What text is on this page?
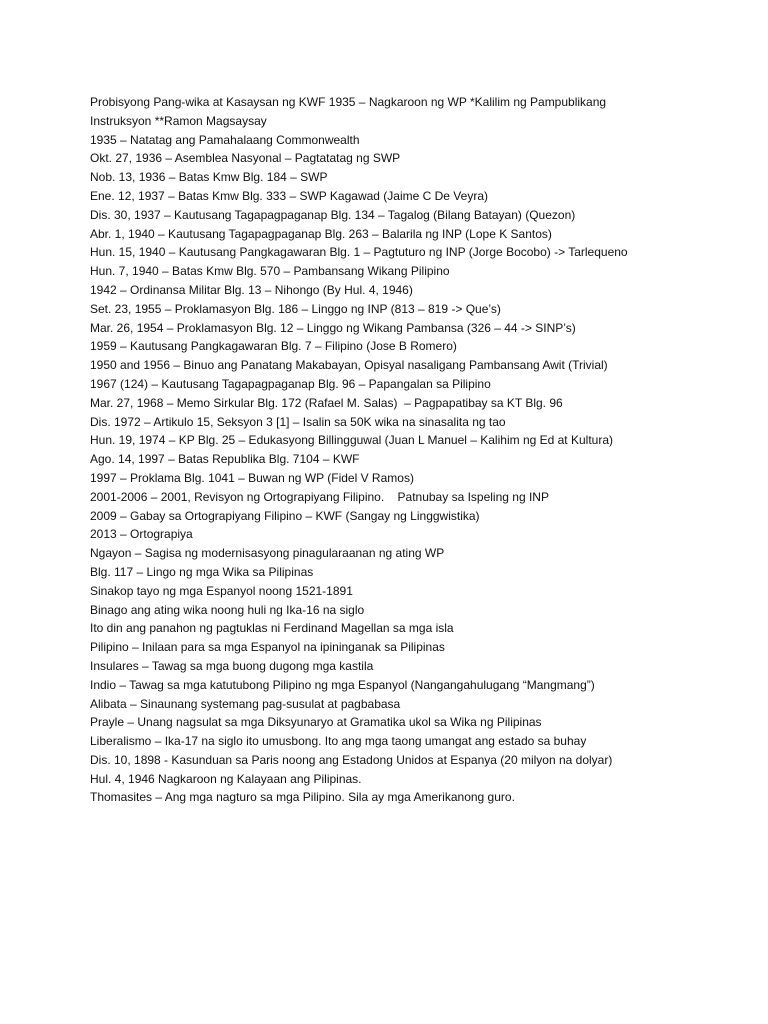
Probisyong Pang-wika at Kasaysan ng KWF 1935 – Nagkaroon ng WP *Kalilim ng Pampublikang

Instruksyon **Ramon Magsaysay

1935 – Natatag ang Pamahalaang Commonwealth

Okt. 27, 1936 – Asemblea Nasyonal – Pagtatatag ng SWP

Nob. 13, 1936 – Batas Kmw Blg. 184 – SWP

Ene. 12, 1937 – Batas Kmw Blg. 333 – SWP Kagawad (Jaime C De Veyra)

Dis. 30, 1937 – Kautusang Tagapagpaganap Blg. 134 – Tagalog (Bilang Batayan) (Quezon)

Abr. 1, 1940 – Kautusang Tagapagpaganap Blg. 263 – Balarila ng INP (Lope K Santos)

Hun. 15, 1940 – Kautusang Pangkagawaran Blg. 1 – Pagtuturo ng INP (Jorge Bocobo) -> Tarlequeno

Hun. 7, 1940 – Batas Kmw Blg. 570 – Pambansang Wikang Pilipino

1942 – Ordinansa Militar Blg. 13 – Nihongo (By Hul. 4, 1946)

Set. 23, 1955 – Proklamasyon Blg. 186 – Linggo ng INP (813 – 819 -> Que’s)

Mar. 26, 1954 – Proklamasyon Blg. 12 – Linggo ng Wikang Pambansa (326 – 44 -> SINP’s)

1959 – Kautusang Pangkagawaran Blg. 7 – Filipino (Jose B Romero)

1950 and 1956 – Binuo ang Panatang Makabayan, Opisyal nasaligang Pambansang Awit (Trivial)

1967 (124) – Kautusang Tagapagpaganap Blg. 96 – Papangalan sa Pilipino

Mar. 27, 1968 – Memo Sirkular Blg. 172 (Rafael M. Salas)  – Pagpapatibay sa KT Blg. 96

Dis. 1972 – Artikulo 15, Seksyon 3 [1] – Isalin sa 50K wika na sinasalita ng tao

Hun. 19, 1974 – KP Blg. 25 – Edukasyong Billingguwal (Juan L Manuel – Kalihim ng Ed at Kultura)

Ago. 14, 1997 – Batas Republika Blg. 7104 – KWF

1997 – Proklama Blg. 1041 – Buwan ng WP (Fidel V Ramos)

2001-2006 – 2001, Revisyon ng Ortograpiyang Filipino.    Patnubay sa Ispeling ng INP

2009 – Gabay sa Ortograpiyang Filipino – KWF (Sangay ng Linggwistika)

2013 – Ortograpiya

Ngayon – Sagisa ng modernisasyong pinagularaanan ng ating WP

Blg. 117 – Lingo ng mga Wika sa Pilipinas

Sinakop tayo ng mga Espanyol noong 1521-1891

Binago ang ating wika noong huli ng Ika-16 na siglo

Ito din ang panahon ng pagtuklas ni Ferdinand Magellan sa mga isla

Pilipino – Inilaan para sa mga Espanyol na ipininganak sa Pilipinas

Insulares – Tawag sa mga buong dugong mga kastila

Indio – Tawag sa mga katutubong Pilipino ng mga Espanyol (Nangangahulugang “Mangmang”)

Alibata – Sinaunang systemang pag-susulat at pagbabasa

Prayle – Unang nagsulat sa mga Diksyunaryo at Gramatika ukol sa Wika ng Pilipinas

Liberalismo – Ika-17 na siglo ito umusbong. Ito ang mga taong umangat ang estado sa buhay

Dis. 10, 1898 - Kasunduan sa Paris noong ang Estadong Unidos at Espanya (20 milyon na dolyar)

Hul. 4, 1946 Nagkaroon ng Kalayaan ang Pilipinas.

Thomasites – Ang mga nagturo sa mga Pilipino. Sila ay mga Amerikanong guro.
